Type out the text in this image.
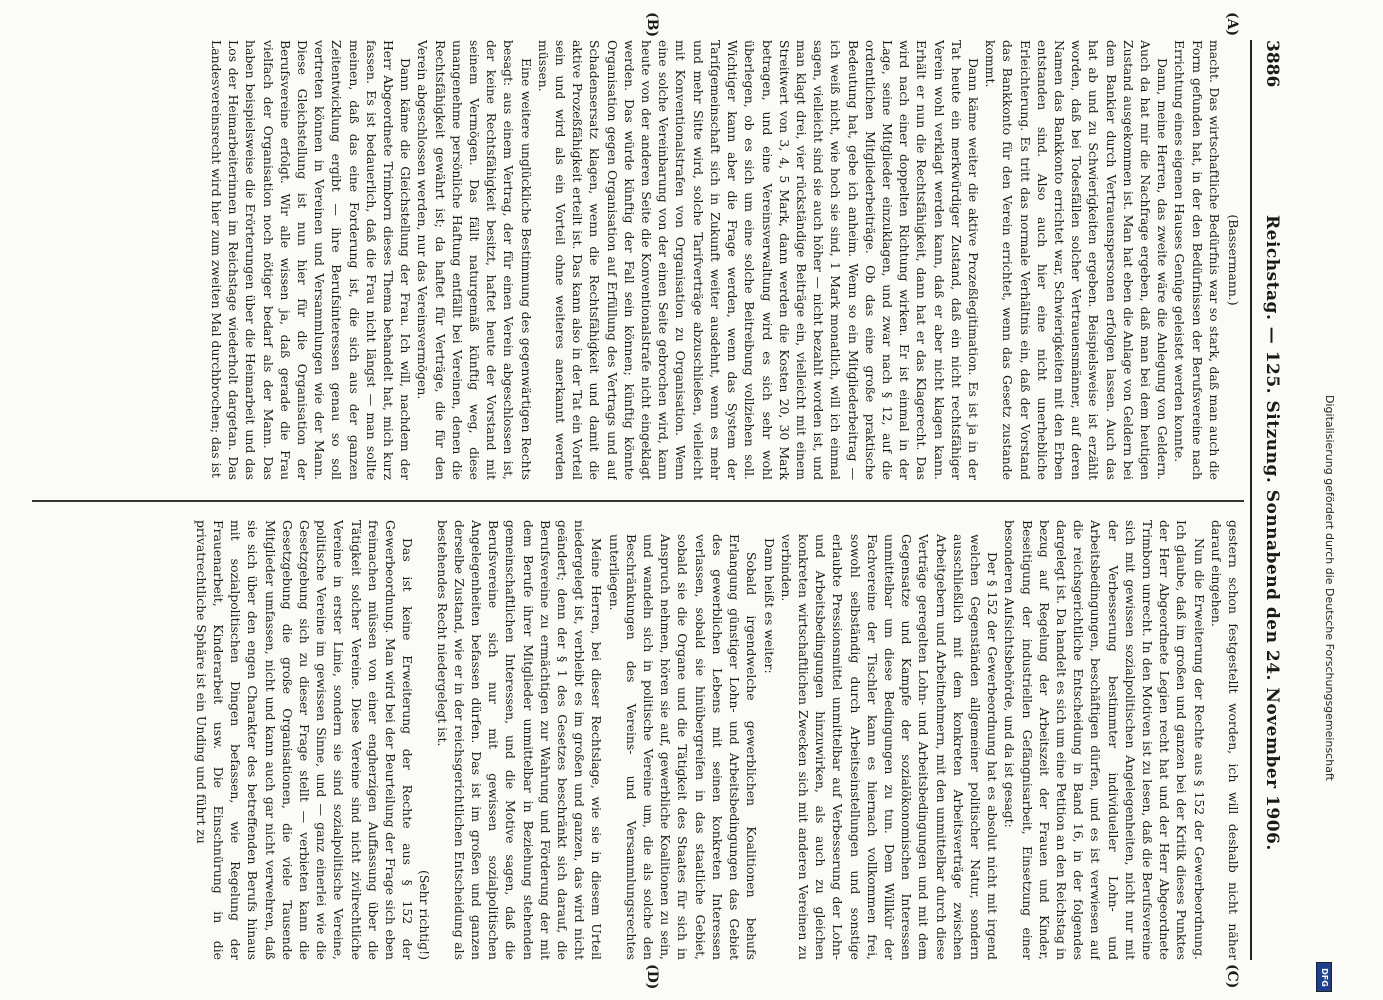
3886
Reichstag. — 125. Sitzung. Sonnabend den 24. November 1906.
(A)
(B)
(C)
(D)
(Bassermann.)

macht. Das wirtschaftliche Bedürfnis war so stark, daß man auch die Form gefunden hat, in der den Bedürfnissen der Berufsvereine nach Errichtung eines eigenen Hauses Genüge geleistet werden konnte.

Dann, meine Herren, das zweite wäre die Anlegung von Geldern. Auch da hat mir die Nachfrage ergeben, daß man bei dem heutigen Zustand ausgekommen ist. Man hat eben die Anlage von Geldern bei dem Bankier durch Vertrauenspersonen erfolgen lassen. Auch das hat ab und zu Schwierigkeiten ergeben. Beispielsweise ist erzählt worden, daß bei Todesfällen solcher Vertrauensmänner, auf deren Namen das Bankkonto errichtet war, Schwierigkeiten mit den Erben entstanden sind. Also auch hier eine nicht unerhebliche Erleichterung. Es tritt das normale Verhältnis ein, daß der Vorstand das Bankkonto für den Verein errichtet, wenn das Gesetz zustande kommt.

Dann käme weiter die aktive Prozeßlegitimation. Es ist ja in der Tat heute ein merkwürdiger Zustand, daß ein nicht rechtsfähiger Verein wohl verklagt werden kann, daß er aber nicht klagen kann. Erhält er nun die Rechtsfähigkeit, dann hat er das Klagerecht. Das wird nach einer doppelten Richtung wirken. Er ist einmal in der Lage, seine Mitglieder einzuklagen, und zwar nach § 12, auf die ordentlichen Mitgliederbeiträge. Ob das eine große praktische Bedeutung hat, gebe ich anheim. Wenn so ein Mitgliederbeitrag — ich weiß nicht, wie hoch sie sind, 1 Mark monatlich, will ich einmal sagen, vielleicht sind sie auch höher — nicht bezahlt worden ist, und man klagt drei, vier rückständige Beiträge ein, vielleicht mit einem Streitwert von 3, 4, 5 Mark, dann werden die Kosten 20, 30 Mark betragen, und eine Vereinsverwaltung wird es sich sehr wohl überlegen, ob es sich um eine solche Beitreibung vollziehen soll. Wichtiger kann aber die Frage werden, wenn das System der Tarifgemeinschaft sich in Zukunft weiter ausdehnt, wenn es mehr und mehr Sitte wird, solche Tarifverträge abzuschließen, vielleicht mit Konventionalstrafen von Organisation zu Organisation. Wenn eine solche Vereinbarung von der einen Seite gebrochen wird, kann heute von der anderen Seite die Konventionalstrafe nicht eingeklagt werden. Das würde künftig der Fall sein können; künftig könnte Organisation gegen Organisation auf Erfüllung des Vertrags und auf Schadensersatz klagen, wenn die Rechtsfähigkeit und damit die aktive Prozeßfähigkeit erteilt ist. Das kann also in der Tat ein Vorteil sein und wird als ein Vorteil ohne weiteres anerkannt werden müssen.

Eine weitere unglückliche Bestimmung des gegenwärtigen Rechts besagt: aus einem Vertrag, der für einen Verein abgeschlossen ist, der keine Rechtsfähigkeit besitzt, haftet heute der Vorstand mit seinem Vermögen. Das fällt naturgemäß künftig weg, diese unangenehme persönliche Haftung entfällt bei Vereinen, denen die Rechtsfähigkeit gewährt ist; da haftet für Verträge, die für den Verein abgeschlossen werden, nur das Vereinsvermögen.

Dann käme die Gleichstellung der Frau. Ich will, nachdem der Herr Abgeordnete Trimborn dieses Thema behandelt hat, mich kurz fassen. Es ist bedauerlich, daß die Frau nicht längst — man sollte meinen, daß das eine Forderung ist, die sich aus der ganzen Zeitentwicklung ergibt — ihre Berufsinteressen genau so soll vertreten können in Vereinen und Versammlungen wie der Mann. Diese Gleichstellung ist nun hier für die Organisation der Berufsvereine erfolgt. Wir alle wissen ja, daß gerade die Frau vielfach der Organisation noch nötiger bedarf als der Mann. Das haben beispielsweise die Erörterungen über die Heimarbeit und das Los der Heimarbeiterinnen im Reichstage wiederholt dargetan. Das Landesvereinsrecht wird hier zum zweiten Mal durchbrochen; das ist

gestern schon festgestellt worden, ich will deshalb nicht näher darauf eingehen.

Nun die Erweiterung der Rechte aus § 152 der Gewerbeordnung. Ich glaube, daß im großen und ganzen bei der Kritik dieses Punktes der Herr Abgeordnete Legien recht hat und der Herr Abgeordnete Trimborn unrecht. In den Motiven ist zu lesen, daß die Berufsvereine sich mit gewissen sozialpolitischen Angelegenheiten, nicht nur mit der Verbesserung bestimmter individueller Lohn- und Arbeitsbedingungen, beschäftigen dürfen, und es ist verwiesen auf die reichsgerichtliche Entscheidung in Band 16, in der folgendes dargelegt ist. Da handelt es sich um eine Petition an den Reichstag in bezug auf Regelung der Arbeitszeit der Frauen und Kinder, Beseitigung der industriellen Gefängnisarbeit, Einsetzung einer besonderen Aufsichtsbehörde, und da ist gesagt:

Der § 152 der Gewerbeordnung hat es absolut nicht mit irgend welchen Gegenständen allgemeiner politischer Natur, sondern ausschließlich mit dem konkreten Arbeitsverträge zwischen Arbeitgebern und Arbeitnehmern, mit den unmittelbar durch diese Verträge geregelten Lohn- und Arbeitsbedingungen und mit dem Gegensatze und Kampfe der sozialökonomischen Interessen unmittelbar um diese Bedingungen zu tun. Dem Willkür der Fachvereine der Tischler kann es hiernach vollkommen frei, sowohl selbständig durch Arbeitseinstellungen und sonstige erlaubte Pressionsmittel unmittelbar auf Verbesserung der Lohn- und Arbeitsbedingungen hinzuwirken, als auch zu gleichen konkreten wirtschaftlichen Zwecken sich mit anderen Vereinen zu verbinden.

Dann heißt es weiter:

Sobald irgendwelche gewerblichen Koalitionen behufs Erlangung günstiger Lohn- und Arbeitsbedingungen das Gebiet des gewerblichen Lebens mit seinen konkreten Interessen verlassen, sobald sie hinübergreifen in das staatliche Gebiet, sobald sie die Organe und die Tätigkeit des Staates für sich in Anspruch nehmen, hören sie auf, gewerbliche Koalitionen zu sein, und wandeln sich in politische Vereine um, die als solche den Beschränkungen des Vereins- und Versammlungsrechtes unterliegen.

Meine Herren, bei dieser Rechtslage, wie sie in diesem Urteil niedergelegt ist, verbleibt es im großen und ganzen, das wird nicht geändert; denn der § 1 des Gesetzes beschränkt sich darauf, die Berufsvereine zu ermächtigen zur Wahrung und Förderung der mit dem Berufe ihrer Mitglieder unmittelbar in Beziehung stehenden gemeinschaftlichen Interessen, und die Motive sagen, daß die Berufsvereine sich nur mit gewissen sozialpolitischen Angelegenheiten befassen dürfen. Das ist im großen und ganzen derselbe Zustand, wie er in der reichsgerichtlichen Entscheidung als bestehendes Recht niedergelegt ist.

(Sehr richtig!)

Das ist keine Erweiterung der Rechte aus § 152 der Gewerbeordnung. Man wird bei der Beurteilung der Frage sich eben freimachen müssen von einer engherzigen Auffassung über die Tätigkeit solcher Vereine. Diese Vereine sind nicht zivilrechtliche Vereine in erster Linie, sondern sie sind sozialpolitische Vereine, politische Vereine im gewissen Sinne, und — ganz einerlei wie die Gesetzgebung sich zu dieser Frage stellt — verbieten kann die Gesetzgebung die große Organisationen, die viele Tausende Mitglieder umfassen, nicht und kann auch gar nicht verwehren, daß sie sich über den engen Charakter des betreffenden Berufs hinaus mit sozialpolitischen Dingen befassen, wie Regelung der Frauenarbeit, Kinderarbeit usw. Die Einschnürung in die privatrechtliche Sphäre ist ein Unding und führt zu	Digitalisierung gefördert durch die Deutsche Forschungsgemeinschaft
DFG
